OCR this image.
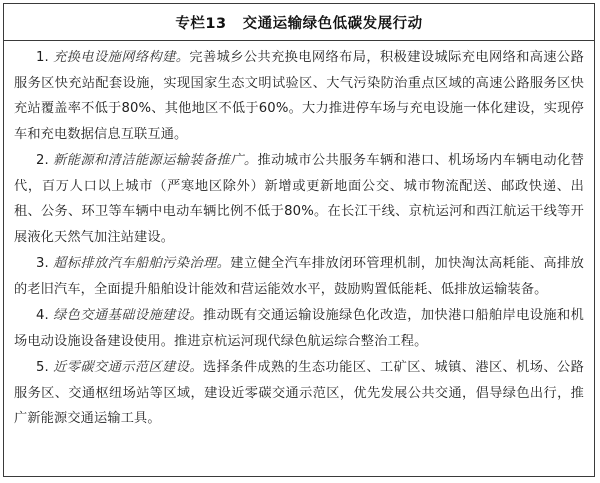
专栏13 交通运输绿色低碳发展行动

1. 充换电设施网络构建。完善城乡公共充换电网络布局，积极建设城际充电网络和高速公路服务区快充站配套设施，实现国家生态文明试验区、大气污染防治重点区域的高速公路服务区快充站覆盖率不低于80%、其他地区不低于60%。大力推进停车场与充电设施一体化建设，实现停车和充电数据信息互联互通。

2. 新能源和清洁能源运输装备推广。推动城市公共服务车辆和港口、机场场内车辆电动化替代，百万人口以上城市（严寒地区除外）新增或更新地面公交、城市物流配送、邮政快递、出租、公务、环卫等车辆中电动车辆比例不低于80%。在长江干线、京杭运河和西江航运干线等开展液化天然气加注站建设。

3. 超标排放汽车船舶污染治理。建立健全汽车排放闭环管理机制，加快淘汰高耗能、高排放的老旧汽车，全面提升船舶设计能效和营运能效水平，鼓励购置低能耗、低排放运输装备。

4. 绿色交通基础设施建设。推动既有交通运输设施绿色化改造，加快港口船舶岸电设施和机场电动设施设备建设使用。推进京杭运河现代绿色航运综合整治工程。

5. 近零碳交通示范区建设。选择条件成熟的生态功能区、工矿区、城镇、港区、机场、公路服务区、交通枢纽场站等区域，建设近零碳交通示范区，优先发展公共交通，倡导绿色出行，推广新能源交通运输工具。
